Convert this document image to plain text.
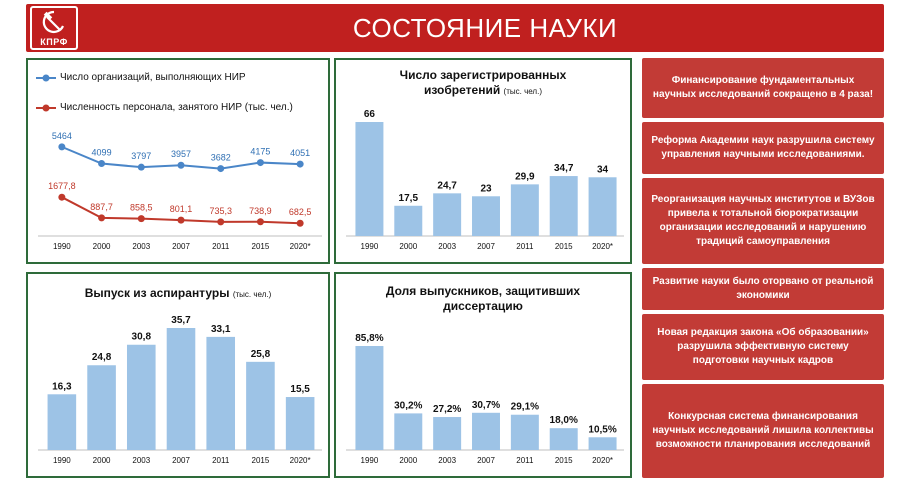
КПРФ	СОСТОЯНИЕ НАУКИ
Число организаций, выполняющих НИР
Численность персонала, занятого НИР (тыс. чел.)
5464
4099 3797 3957 3682
4175 4051
1677,8
887,7 858,5 801,1 735,3 738,9 682,5
1990	2000	2003	2007	2011	2015	2020*
Число зарегистрированных изобретений (тыс. чел.)
66
1990
17,5
2000
24,7
2003
23
2007
29,9
2011
34,7
2015
34
2020*
Выпуск из аспирантуры (тыс. чел.)
16,3
1990
24,8
2000
30,8
2003
35,7
2007
33,1
2011
25,8
2015
15,5
2020*
Доля выпускников, защитивших диссертацию
85,8%
1990
30,2%
2000
27,2%
2003
30,7%
2007
29,1%
2011
18,0%
2015
10,5%
2020*
Финансирование фундаментальных научных исследований сокращено в 4 раза!
Реформа Академии наук разрушила систему управления научными исследованиями.
Реорганизация научных институтов и ВУЗов привела к тотальной бюрократизации организации исследований и нарушению традиций самоуправления
Развитие науки было оторвано от реальной экономики
Новая редакция закона «Об образовании» разрушила эффективную систему подготовки научных кадров
Конкурсная система финансирования научных исследований лишила коллективы возможности планирования исследований
